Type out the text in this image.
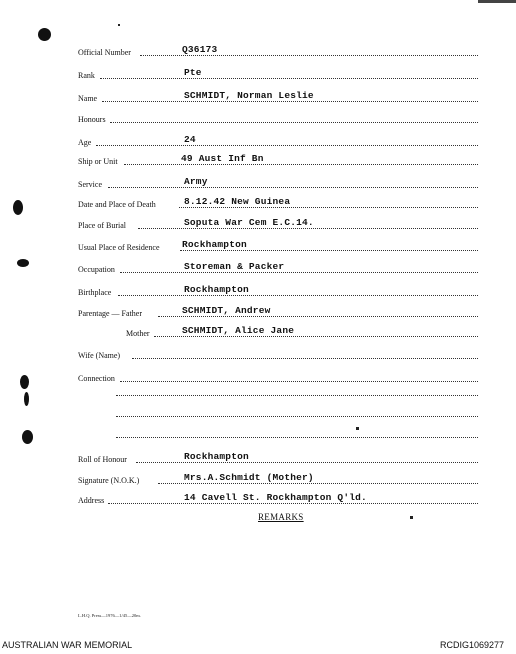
Official Number	Q36173
Rank	Pte
Name	SCHMIDT, Norman Leslie
Honours
Age	24
Ship or Unit	49 Aust Inf Bn
Service	Army
Date and Place of Death	8.12.42 New Guinea
Place of Burial	Soputa War Cem E.C.14.
Usual Place of Residence Rockhampton
Occupation	Storeman & Packer
Birthplace	Rockhampton
Parentage — Father	SCHMIDT, Andrew
Mother	SCHMIDT, Alice Jane
Wife (Name)
Connection
Roll of Honour	Rockhampton
Signature (N.O.K.)	Mrs.A.Schmidt (Mother)
Address	14 Cavell St. Rockhampton Q'ld.
REMARKS
L.H.Q. Press—1976—1/45—20m.
AUSTRALIAN WAR MEMORIAL	RCDIG1069277
